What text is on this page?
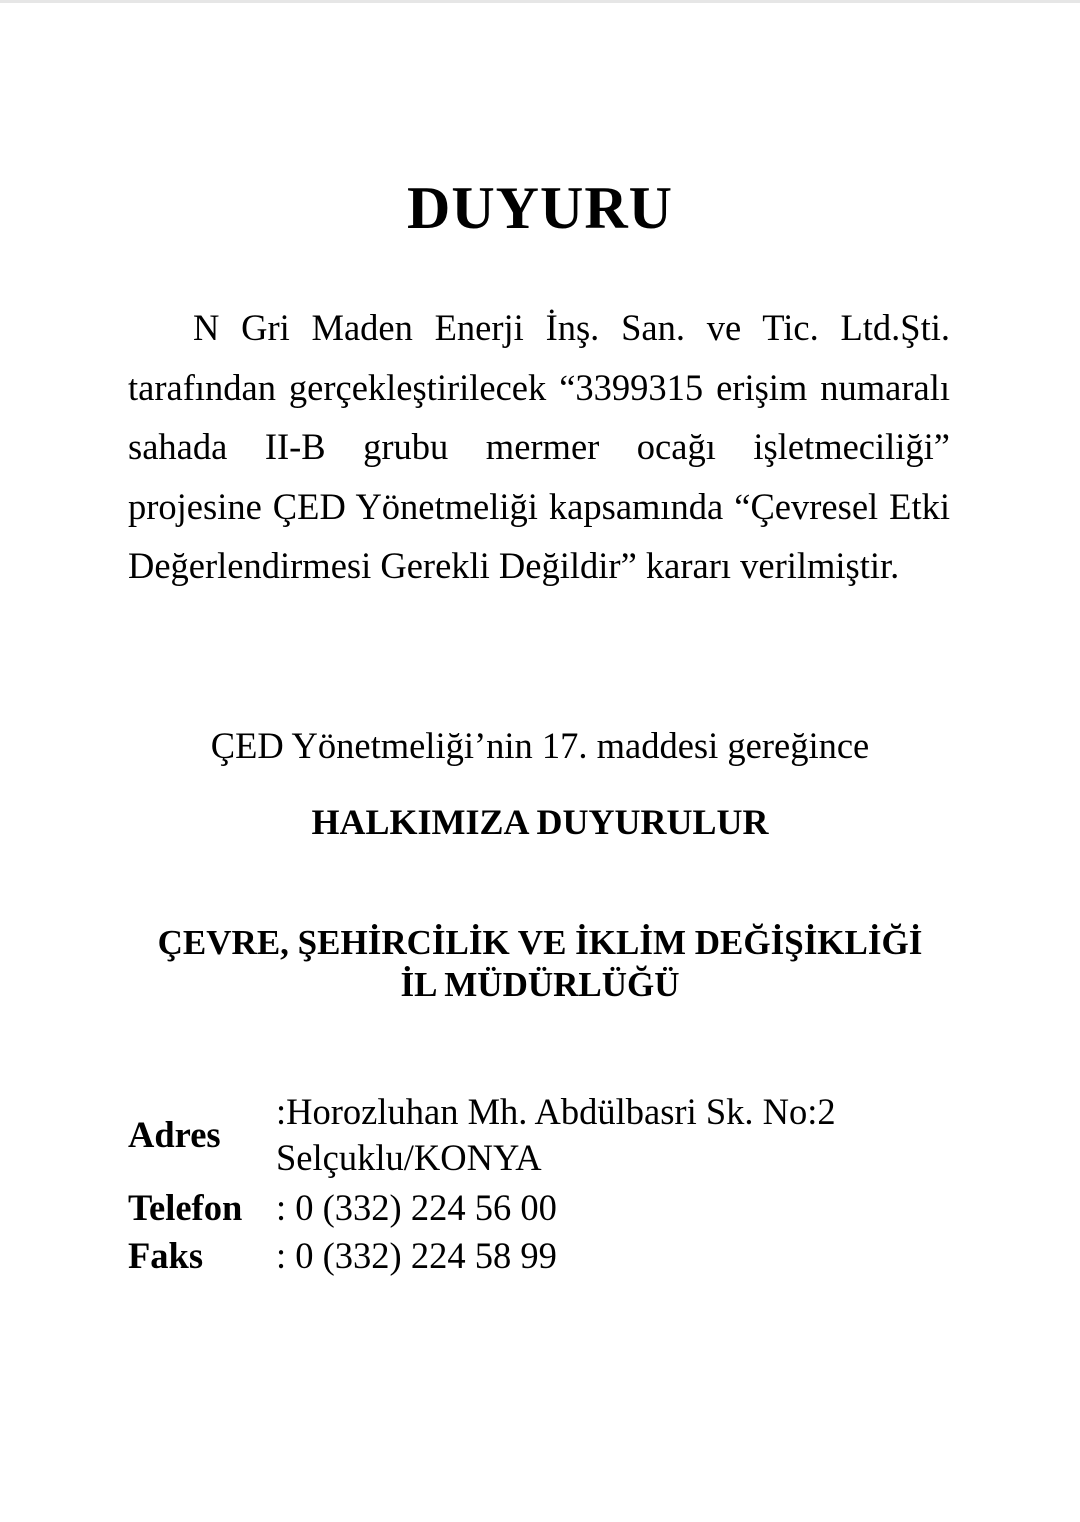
DUYURU

N Gri Maden Enerji İnş. San. ve Tic. Ltd.Şti. tarafından gerçekleştirilecek “3399315 erişim numaralı sahada II-B grubu mermer ocağı işletmeciliği” projesine ÇED Yönetmeliği kapsamında “Çevresel Etki Değerlendirmesi Gerekli Değildir” kararı verilmiştir.

ÇED Yönetmeliği’nin 17. maddesi gereğince
HALKIMIZA DUYURULUR
ÇEVRE, ŞEHİRCİLİK VE İKLİM DEĞİŞİKLİĞİ
İL MÜDÜRLÜĞÜ
Adres
:Horozluhan Mh. Abdülbasri Sk. No:2
Selçuklu/KONYA
Telefon : 0 (332) 224 56 00
Faks : 0 (332) 224 58 99
